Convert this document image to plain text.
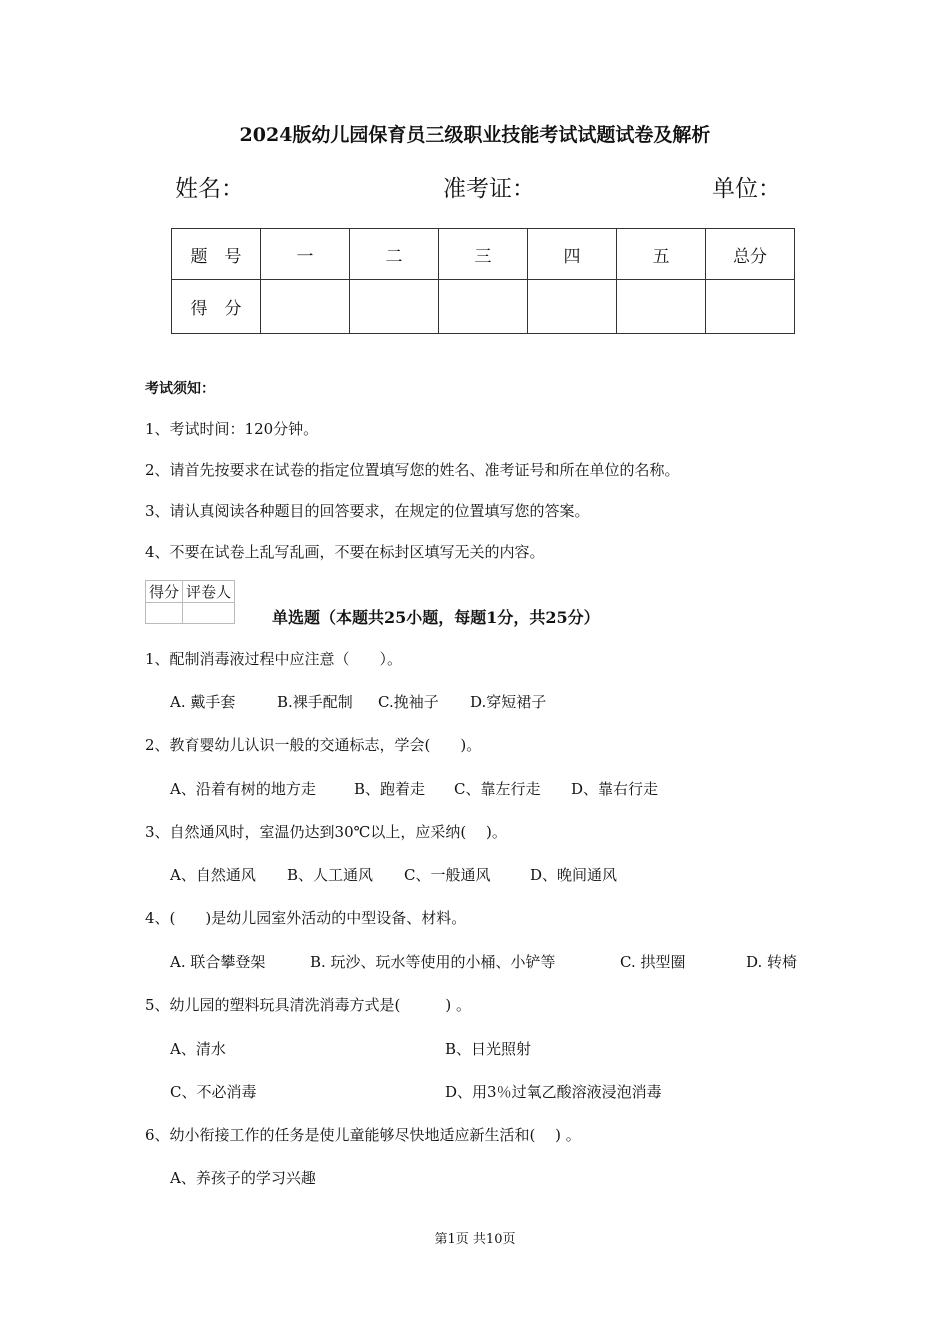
2024版幼儿园保育员三级职业技能考试试题试卷及解析
姓名：	准考证：	单位：
题　号	一	二	三	四	五	总分
得　分						
考试须知：
1、考试时间：120分钟。
2、请首先按要求在试卷的指定位置填写您的姓名、准考证号和所在单位的名称。
3、请认真阅读各种题目的回答要求，在规定的位置填写您的答案。
4、不要在试卷上乱写乱画，不要在标封区填写无关的内容。
得分	评卷人

单选题（本题共25小题，每题1分，共25分）
1、配制消毒液过程中应注意（　　）。
A. 戴手套	B.裸手配制 C.挽袖子 D.穿短裙子
2、教育婴幼儿认识一般的交通标志，学会(　　)。
A、沿着有树的地方走	B、跑着走 C、靠左行走 D、靠右行走
3、自然通风时，室温仍达到30℃以上，应采纳(　 )。
A、自然通风 B、人工通风 C、一般通风	D、晚间通风
4、(　　)是幼儿园室外活动的中型设备、材料。
A. 联合攀登架	B. 玩沙、玩水等使用的小桶、小铲等	C. 拱型圈	D. 转椅
5、幼儿园的塑料玩具清洗消毒方式是(　　　) 。
A、清水	B、日光照射
C、不必消毒	D、用3％过氧乙酸溶液浸泡消毒
6、幼小衔接工作的任务是使儿童能够尽快地适应新生活和(　 ) 。
A、养孩子的学习兴趣
第1页 共10页
